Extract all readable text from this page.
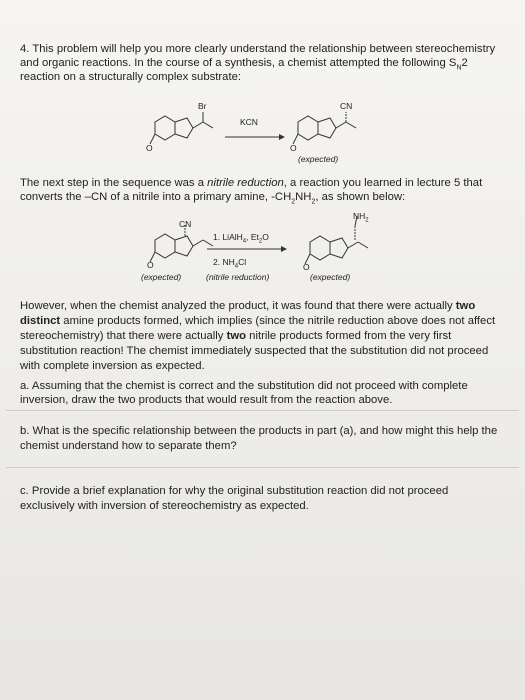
4. This problem will help you more clearly understand the relationship between stereochemistry
and organic reactions. In the course of a synthesis, a chemist attempted the following $S_N2$
reaction on a structurally complex substrate:
Br
O
KCN
CN
O
(expected)
The next step in the sequence was a nitrile reduction, a reaction you learned in lecture 5 that
converts the –CN of a nitrile into a primary amine, $-CH_2NH_2$, as shown below:
CN
O
1. LiAlH$_4$, $Et_2O$
2. $NH_4Cl$
$NH_2$
O
(expected)	(nitrile reduction)	(expected)
However, when the chemist analyzed the product, it was found that there were actually two
distinct amine products formed, which implies (since the nitrile reduction above does not affect
stereochemistry) that there were actually two nitrile products formed from the very first
substitution reaction! The chemist immediately suspected that the substitution did not proceed
with complete inversion as expected.
a. Assuming that the chemist is correct and the substitution did not proceed with complete
inversion, draw the two products that would result from the reaction above.
b. What is the specific relationship between the products in part (a), and how might this help the
chemist understand how to separate them?
c. Provide a brief explanation for why the original substitution reaction did not proceed
exclusively with inversion of stereochemistry as expected.
